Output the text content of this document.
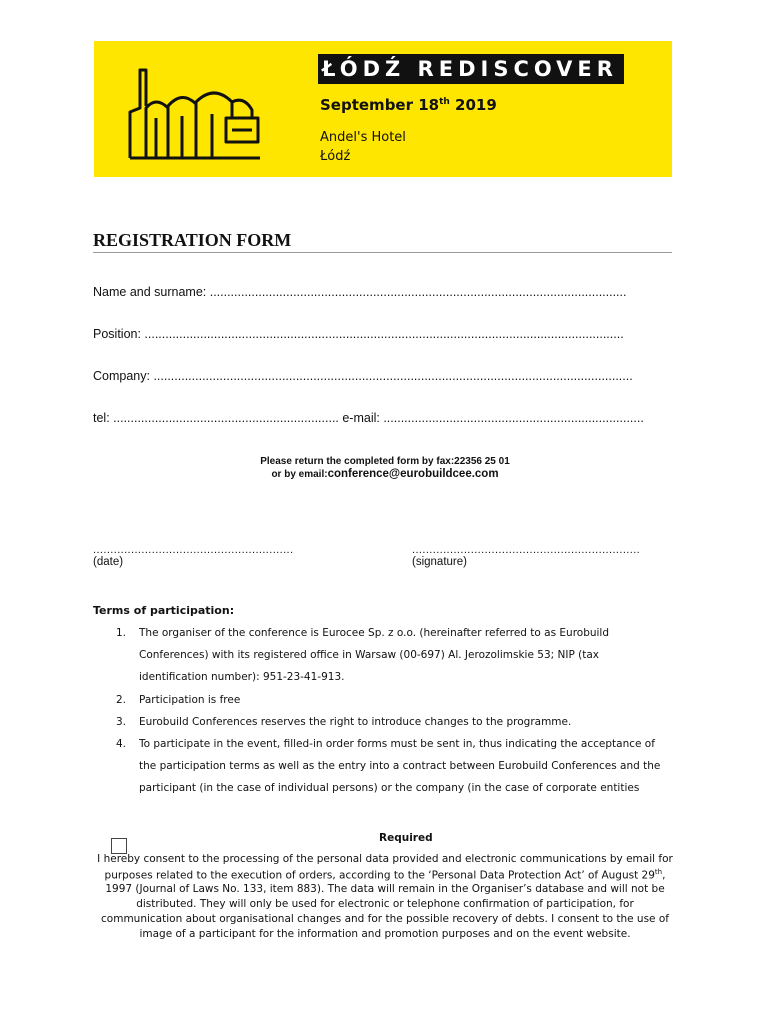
ŁÓDŹ REDISCOVER
September 18th 2019
Andel's Hotel
Łódź
REGISTRATION FORM
Name and surname: ........................................................................................................................
Position: ..........................................................................................................................................
Company: ..........................................................................................................................................
tel: ................................................................. e-mail: ...........................................................................
Please return the completed form by fax:22356 25 01
or by email:conference@eurobuildcee.com
..........................................................
(date)
..................................................................
(signature)
Terms of participation:
1. The organiser of the conference is Eurocee Sp. z o.o. (hereinafter referred to as Eurobuild
Conferences) with its registered office in Warsaw (00-697) Al. Jerozolimskie 53; NIP (tax
identification number): 951-23-41-913.
2. Participation is free
3. Eurobuild Conferences reserves the right to introduce changes to the programme.
4. To participate in the event, filled-in order forms must be sent in, thus indicating the acceptance of
the participation terms as well as the entry into a contract between Eurobuild Conferences and the
participant (in the case of individual persons) or the company (in the case of corporate entities
Required
I hereby consent to the processing of the personal data provided and electronic communications by email for
purposes related to the execution of orders, according to the ‘Personal Data Protection Act’ of August 29th,
1997 (Journal of Laws No. 133, item 883). The data will remain in the Organiser’s database and will not be
distributed. They will only be used for electronic or telephone confirmation of participation, for
communication about organisational changes and for the possible recovery of debts. I consent to the use of
image of a participant for the information and promotion purposes and on the event website.
